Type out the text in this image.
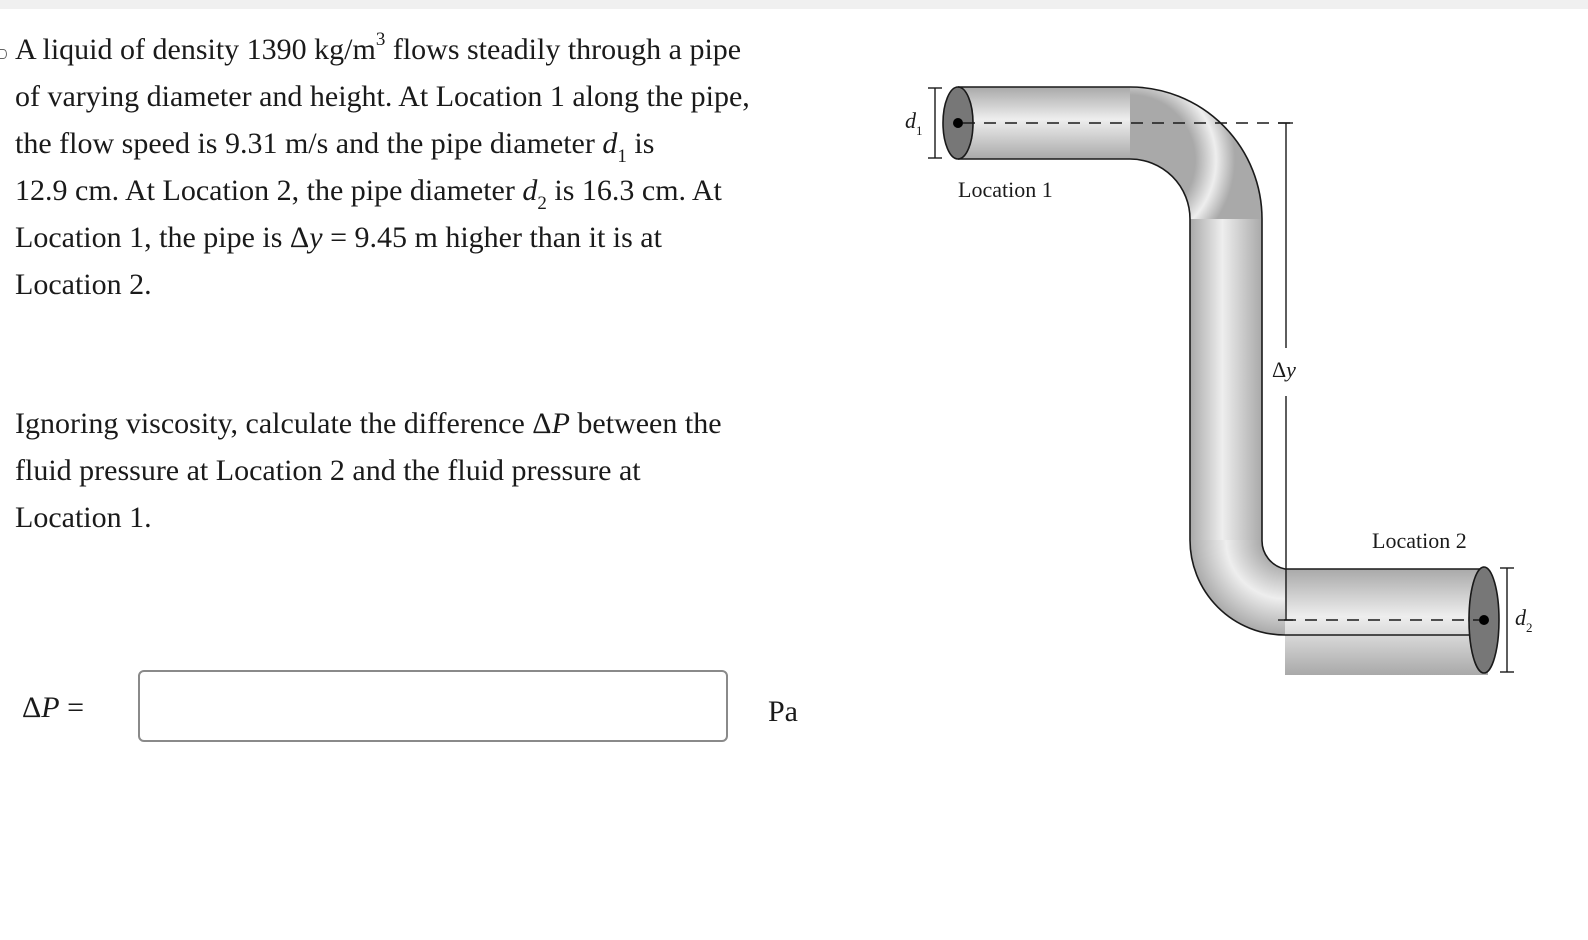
A liquid of density 1390 $kg/m^3$ flows steadily through a pipe
of varying diameter and height. At Location 1 along the pipe,
the flow speed is 9.31 m/s and the pipe diameter $d_1$ is
12.9 cm. At Location 2, the pipe diameter $d_2$ is 16.3 cm. At
Location 1, the pipe is Δy = 9.45 m higher than it is at
Location 2.
Ignoring viscosity, calculate the difference ΔP between the
fluid pressure at Location 2 and the fluid pressure at
Location 1.
ΔP =	Pa
$d_1$
$d_2$
Location 1
Location 2
Δy
